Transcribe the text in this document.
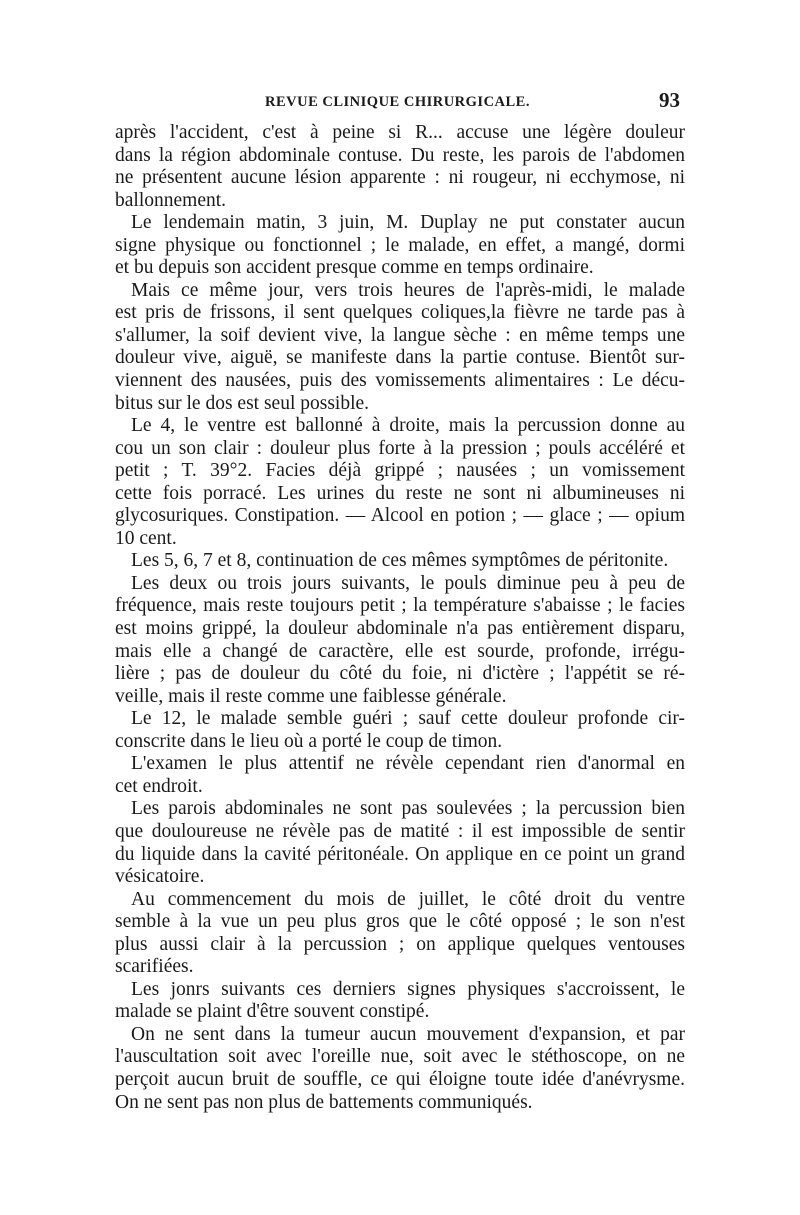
REVUE CLINIQUE CHIRURGICALE.	93
après l'accident, c'est à peine si R... accuse une légère douleur
dans la région abdominale contuse. Du reste, les parois de l'abdomen
ne présentent aucune lésion apparente : ni rougeur, ni ecchymose, ni
ballonnement.
Le lendemain matin, 3 juin, M. Duplay ne put constater aucun
signe physique ou fonctionnel ; le malade, en effet, a mangé, dormi
et bu depuis son accident presque comme en temps ordinaire.
Mais ce même jour, vers trois heures de l'après-midi, le malade
est pris de frissons, il sent quelques coliques,la fièvre ne tarde pas à
s'allumer, la soif devient vive, la langue sèche : en même temps une
douleur vive, aiguë, se manifeste dans la partie contuse. Bientôt sur-
viennent des nausées, puis des vomissements alimentaires : Le décu-
bitus sur le dos est seul possible.
Le 4, le ventre est ballonné à droite, mais la percussion donne au
cou un son clair : douleur plus forte à la pression ; pouls accéléré et
petit ; T. 39°2. Facies déjà grippé ; nausées ; un vomissement
cette fois porracé. Les urines du reste ne sont ni albumineuses ni
glycosuriques. Constipation. — Alcool en potion ; — glace ; — opium
10 cent.
Les 5, 6, 7 et 8, continuation de ces mêmes symptômes de péritonite.
Les deux ou trois jours suivants, le pouls diminue peu à peu de
fréquence, mais reste toujours petit ; la température s'abaisse ; le facies
est moins grippé, la douleur abdominale n'a pas entièrement disparu,
mais elle a changé de caractère, elle est sourde, profonde, irrégu-
lière ; pas de douleur du côté du foie, ni d'ictère ; l'appétit se ré-
veille, mais il reste comme une faiblesse générale.
Le 12, le malade semble guéri ; sauf cette douleur profonde cir-
conscrite dans le lieu où a porté le coup de timon.
L'examen le plus attentif ne révèle cependant rien d'anormal en
cet endroit.
Les parois abdominales ne sont pas soulevées ; la percussion bien
que douloureuse ne révèle pas de matité : il est impossible de sentir
du liquide dans la cavité péritonéale. On applique en ce point un grand
vésicatoire.
Au commencement du mois de juillet, le côté droit du ventre
semble à la vue un peu plus gros que le côté opposé ; le son n'est
plus aussi clair à la percussion ; on applique quelques ventouses
scarifiées.
Les jonrs suivants ces derniers signes physiques s'accroissent, le
malade se plaint d'être souvent constipé.
On ne sent dans la tumeur aucun mouvement d'expansion, et par
l'auscultation soit avec l'oreille nue, soit avec le stéthoscope, on ne
perçoit aucun bruit de souffle, ce qui éloigne toute idée d'anévrysme.
On ne sent pas non plus de battements communiqués.
